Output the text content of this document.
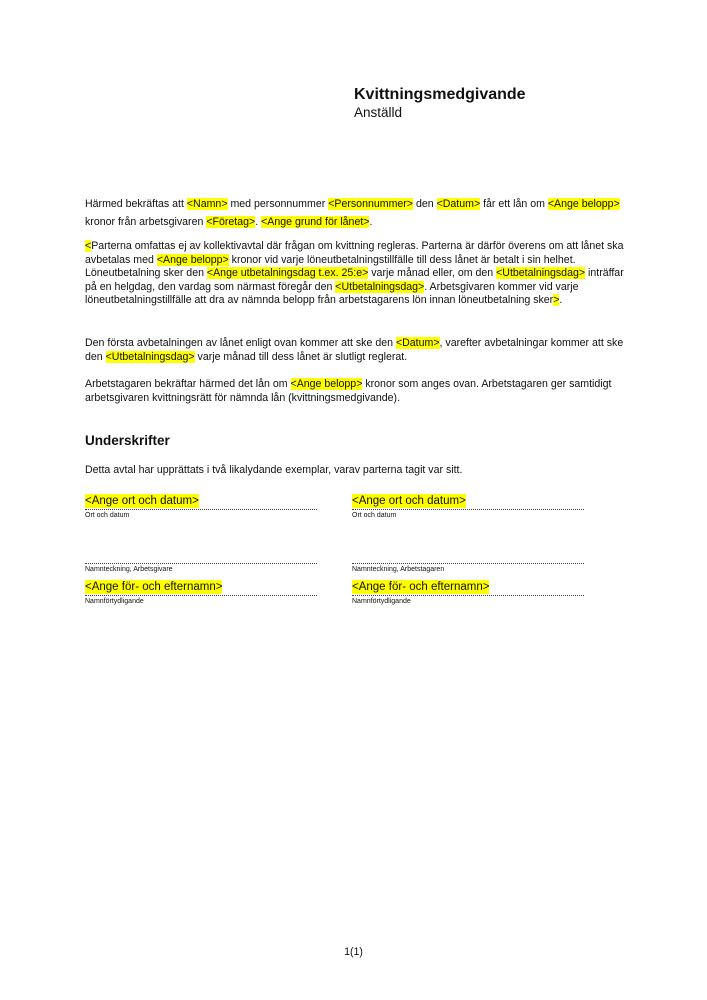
Kvittningsmedgivande
Anställd

Härmed bekräftas att <Namn> med personnummer <Personnummer> den <Datum> får ett lån om <Ange belopp> kronor från arbetsgivaren <Företag>. <Ange grund för lånet>.

<Parterna omfattas ej av kollektivavtal där frågan om kvittning regleras. Parterna är därför överens om att lånet ska avbetalas med <Ange belopp> kronor vid varje löneutbetalningstillfälle till dess lånet är betalt i sin helhet. Löneutbetalning sker den <Ange utbetalningsdag t.ex. 25:e> varje månad eller, om den <Utbetalningsdag> inträffar på en helgdag, den vardag som närmast föregår den <Utbetalningsdag>. Arbetsgivaren kommer vid varje löneutbetalningstillfälle att dra av nämnda belopp från arbetstagarens lön innan löneutbetalning sker>.

Den första avbetalningen av lånet enligt ovan kommer att ske den <Datum>, varefter avbetalningar kommer att ske den <Utbetalningsdag> varje månad till dess lånet är slutligt reglerat.

Arbetstagaren bekräftar härmed det lån om <Ange belopp> kronor som anges ovan. Arbetstagaren ger samtidigt arbetsgivaren kvittningsrätt för nämnda lån (kvittningsmedgivande).

Underskrifter
Detta avtal har upprättats i två likalydande exemplar, varav parterna tagit var sitt.
<Ange ort och datum>
Ort och datum
<Ange ort och datum>
Ort och datum
Namnteckning, Arbetsgivare	Namnteckning, Arbetstagaren
<Ange för- och efternamn>
Namnförtydligande
<Ange för- och efternamn>
Namnförtydligande
1(1)
